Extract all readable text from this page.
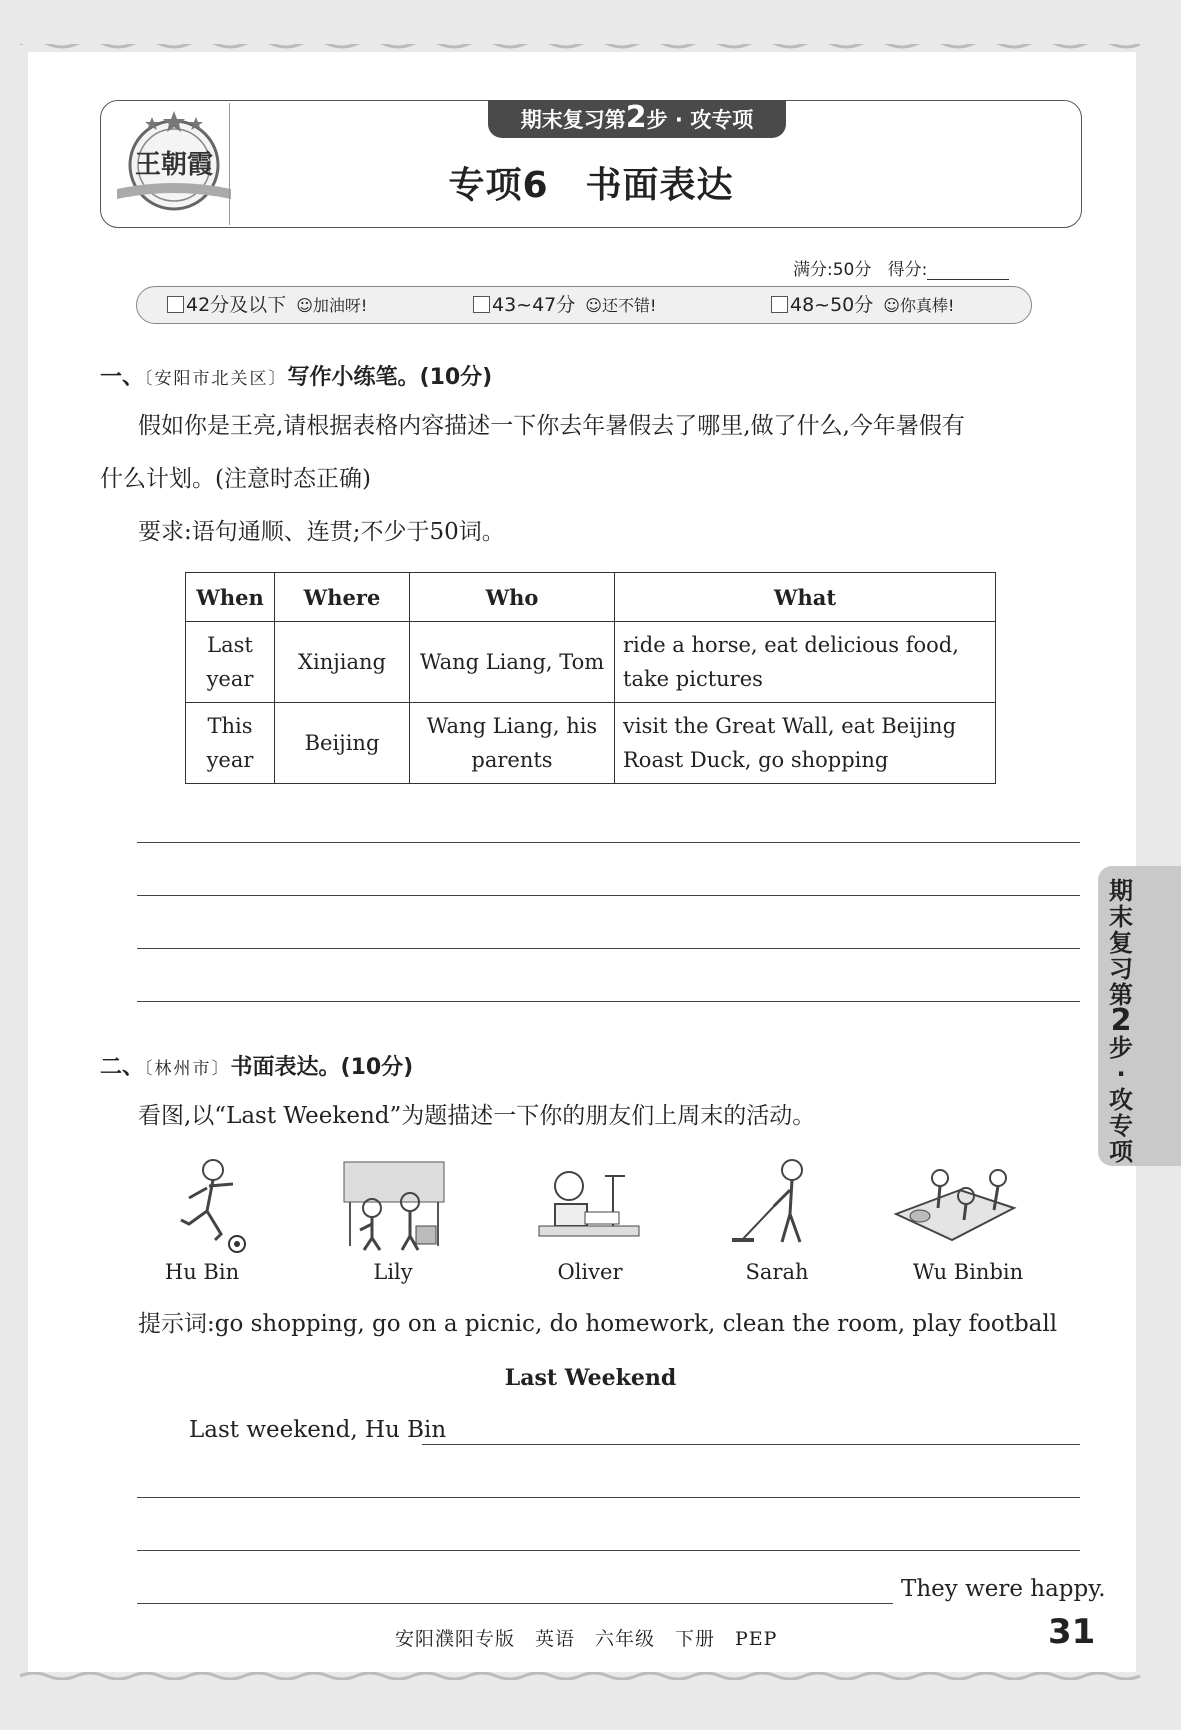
王朝霞
期末复习第2步 · 攻专项
专项6　书面表达
满分:50分 得分:
42分及以下 ☺加油呀!	43~47分 ☺还不错!	48~50分 ☺你真棒!
一、〔安阳市北关区〕写作小练笔。(10分)
假如你是王亮,请根据表格内容描述一下你去年暑假去了哪里,做了什么,今年暑假有
什么计划。(注意时态正确)
要求:语句通顺、连贯;不少于50词。
When	Where	Who	What
Last year	Xinjiang	Wang Liang, Tom	ride a horse, eat delicious food, take pictures
This year	Beijing	Wang Liang, his parents	visit the Great Wall, eat Beijing Roast Duck, go shopping
二、〔林州市〕书面表达。(10分)
看图,以“Last Weekend”为题描述一下你的朋友们上周末的活动。
Hu Bin	Lily	Oliver	Sarah	Wu Binbin
提示词:go shopping, go on a picnic, do homework, clean the room, play football
Last Weekend
Last weekend, Hu Bin
They were happy.
期末复习第2步·攻专项
安阳濮阳专版　英语　六年级　下册　PEP	31
